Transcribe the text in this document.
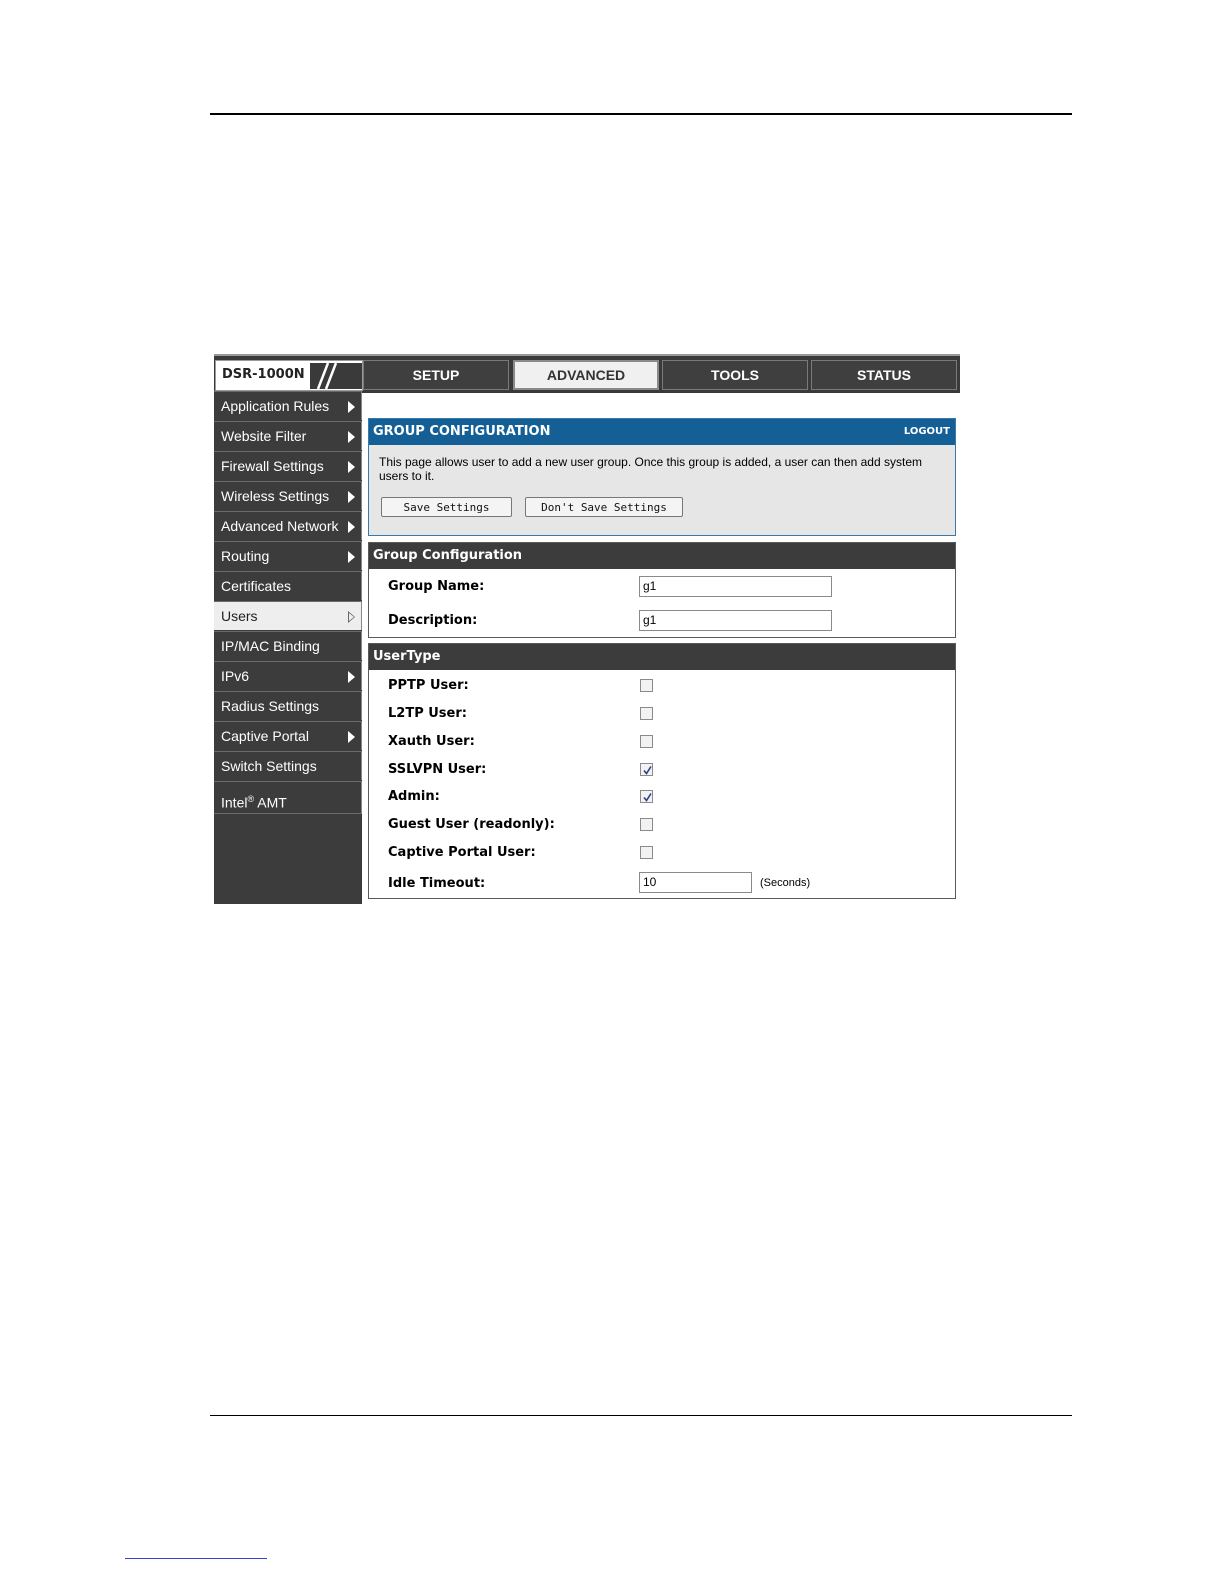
DSR-1000N	SETUP	ADVANCED	TOOLS	STATUS
Application Rules
Website Filter
Firewall Settings
Wireless Settings
Advanced Network
Routing
Certificates
Users
IP/MAC Binding
IPv6
Radius Settings
Captive Portal
Switch Settings
Intel® AMT
GROUP CONFIGURATION	LOGOUT
This page allows user to add a new user group. Once this group is added, a user can then add system users to it.
Save Settings	Don't Save Settings
Group Configuration
Group Name:	g1
Description:	g1
UserType
PPTP User:
L2TP User:
Xauth User:
SSLVPN User:
Admin:
Guest User (readonly):
Captive Portal User:
Idle Timeout:	10	(Seconds)
